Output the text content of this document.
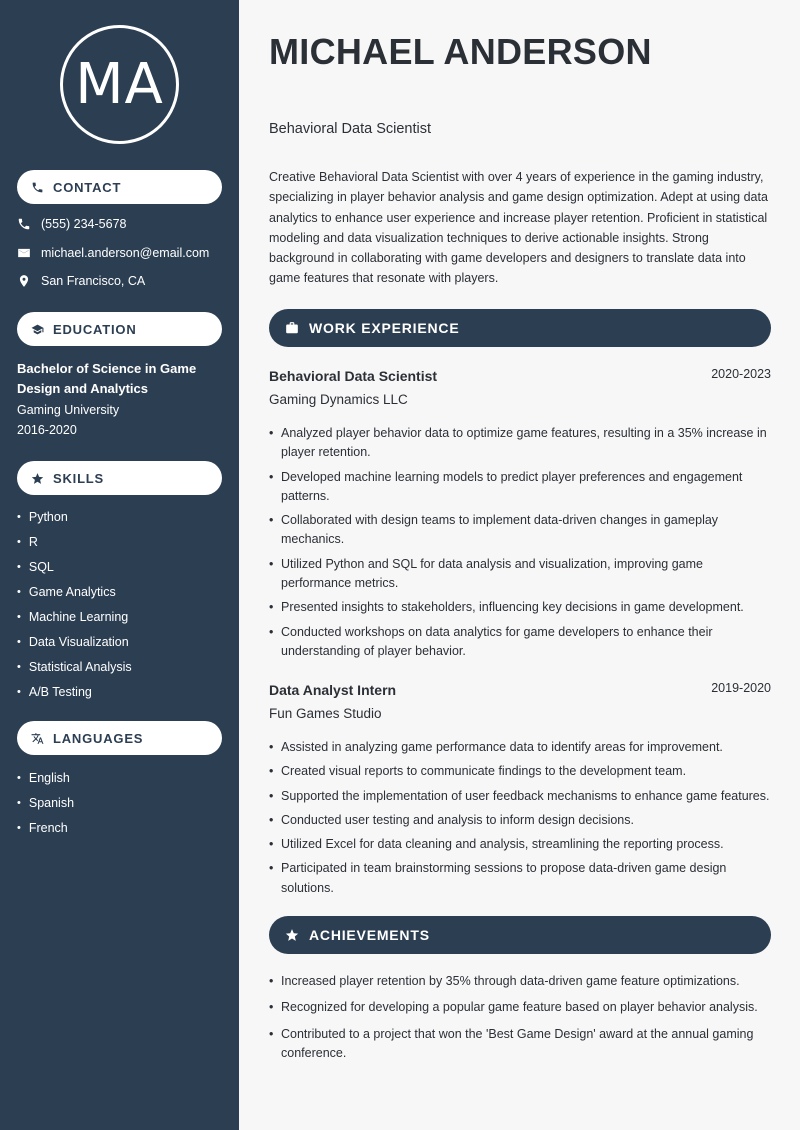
MA
CONTACT
(555) 234-5678
michael.anderson@email.com
San Francisco, CA
EDUCATION
Bachelor of Science in Game Design and Analytics
Gaming University
2016-2020
SKILLS
• Python
• R
• SQL
• Game Analytics
• Machine Learning
• Data Visualization
• Statistical Analysis
• A/B Testing
LANGUAGES
• English
• Spanish
• French
MICHAEL ANDERSON
Behavioral Data Scientist
Creative Behavioral Data Scientist with over 4 years of experience in the gaming industry, specializing in player behavior analysis and game design optimization. Adept at using data analytics to enhance user experience and increase player retention. Proficient in statistical modeling and data visualization techniques to derive actionable insights. Strong background in collaborating with game developers and designers to translate data into game features that resonate with players.
WORK EXPERIENCE
Behavioral Data Scientist	2020-2023
Gaming Dynamics LLC
• Analyzed player behavior data to optimize game features, resulting in a 35% increase in player retention.
• Developed machine learning models to predict player preferences and engagement patterns.
• Collaborated with design teams to implement data-driven changes in gameplay mechanics.
• Utilized Python and SQL for data analysis and visualization, improving game performance metrics.
• Presented insights to stakeholders, influencing key decisions in game development.
• Conducted workshops on data analytics for game developers to enhance their understanding of player behavior.
Data Analyst Intern	2019-2020
Fun Games Studio
• Assisted in analyzing game performance data to identify areas for improvement.
• Created visual reports to communicate findings to the development team.
• Supported the implementation of user feedback mechanisms to enhance game features.
• Conducted user testing and analysis to inform design decisions.
• Utilized Excel for data cleaning and analysis, streamlining the reporting process.
• Participated in team brainstorming sessions to propose data-driven game design solutions.
ACHIEVEMENTS
• Increased player retention by 35% through data-driven game feature optimizations.
• Recognized for developing a popular game feature based on player behavior analysis.
• Contributed to a project that won the 'Best Game Design' award at the annual gaming conference.
